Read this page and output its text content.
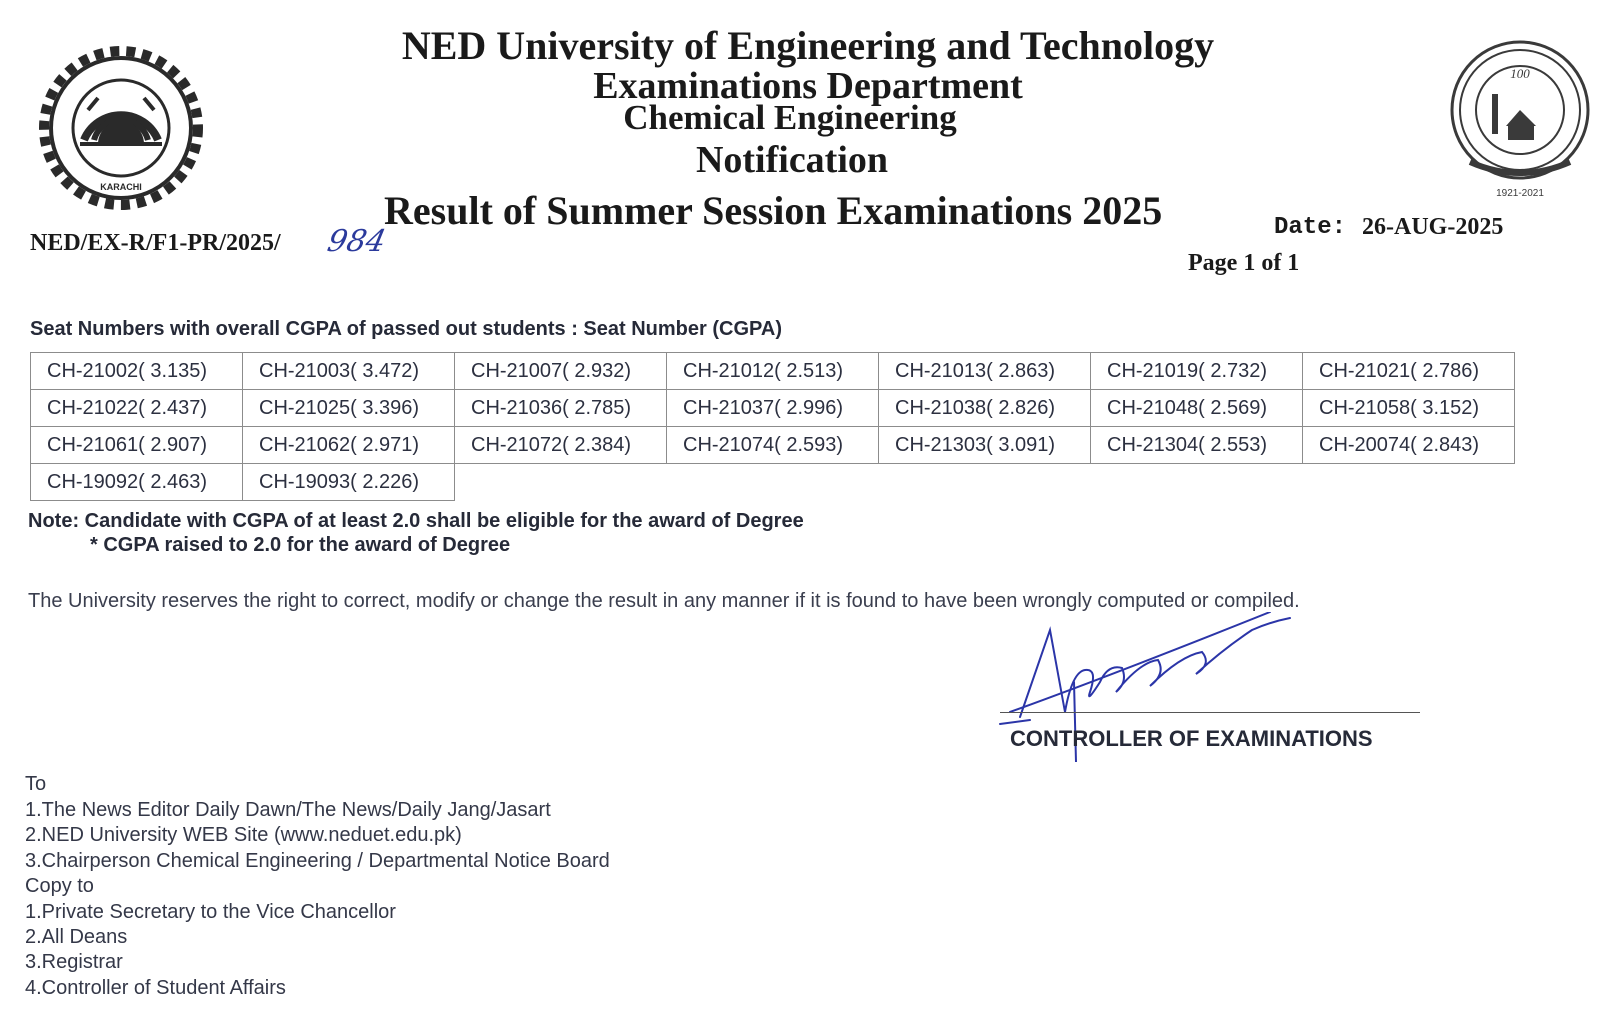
KARACHI
100
1921-2021
NED University of Engineering and Technology
Examinations Department
Chemical Engineering
Notification
Result of Summer Session Examinations 2025
NED/EX-R/F1-PR/2025/ 984	Date: 26-AUG-2025
Page 1 of 1
Seat Numbers with overall CGPA of passed out students : Seat Number (CGPA)
CH-21002( 3.135)	CH-21003( 3.472)	CH-21007( 2.932)	CH-21012( 2.513)	CH-21013( 2.863)	CH-21019( 2.732)	CH-21021( 2.786)
CH-21022( 2.437)	CH-21025( 3.396)	CH-21036( 2.785)	CH-21037( 2.996)	CH-21038( 2.826)	CH-21048( 2.569)	CH-21058( 3.152)
CH-21061( 2.907)	CH-21062( 2.971)	CH-21072( 2.384)	CH-21074( 2.593)	CH-21303( 3.091)	CH-21304( 2.553)	CH-20074( 2.843)
CH-19092( 2.463)	CH-19093( 2.226)					
Note: Candidate with CGPA of at least 2.0 shall be eligible for the award of Degree
* CGPA raised to 2.0 for the award of Degree
The University reserves the right to correct, modify or change the result in any manner if it is found to have been wrongly computed or compiled.
CONTROLLER OF EXAMINATIONS
To
1.The News Editor Daily Dawn/The News/Daily Jang/Jasart
2.NED University WEB Site (www.neduet.edu.pk)
3.Chairperson Chemical Engineering / Departmental Notice Board
Copy to
1.Private Secretary to the Vice Chancellor
2.All Deans
3.Registrar
4.Controller of Student Affairs
